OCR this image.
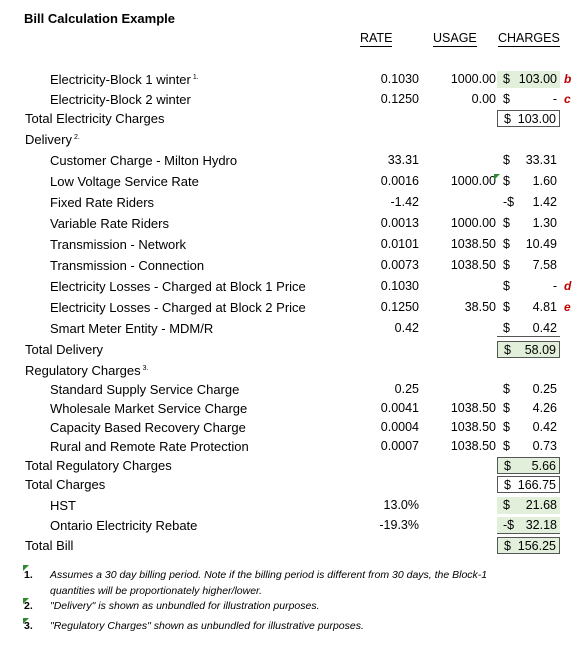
Bill Calculation Example
RATE	USAGE CHARGES
Electricity-Block 1 winter $^{1.}$	0.1030	1000.00 $ 103.00 b
Electricity-Block 2 winter	0.1250	0.00 $	- c
Total Electricity Charges	$ 103.00
Delivery $^{2.}$
Customer Charge - Milton Hydro	33.31	$ 33.31
Low Voltage Service Rate	0.0016	1000.00 $ 1.60
Fixed Rate Riders	-1.42	-$ 1.42
Variable Rate Riders	0.0013	1000.00 $ 1.30
Transmission - Network	0.0101	1038.50 $ 10.49
Transmission - Connection	0.0073	1038.50 $ 7.58
Electricity Losses - Charged at Block 1 Price	0.1030	$	- d
Electricity Losses - Charged at Block 2 Price	0.1250	38.50 $ 4.81 e
Smart Meter Entity - MDM/R	0.42	$ 0.42
Total Delivery	$ 58.09
Regulatory Charges $^{3.}$
Standard Supply Service Charge	0.25	$ 0.25
Wholesale Market Service Charge	0.0041	1038.50 $ 4.26
Capacity Based Recovery Charge	0.0004	1038.50 $ 0.42
Rural and Remote Rate Protection	0.0007	1038.50 $ 0.73
Total Regulatory Charges	$ 5.66
Total Charges	$ 166.75
HST	13.0%	$ 21.68
Ontario Electricity Rebate	-19.3%	-$ 32.18
Total Bill	$ 156.25
1. Assumes a 30 day billing period. Note if the billing period is different from 30 days, the Block-1
quantities will be proportionately higher/lower.
2. "Delivery" is shown as unbundled for illustration purposes.
3. "Regulatory Charges" shown as unbundled for illustrative purposes.
